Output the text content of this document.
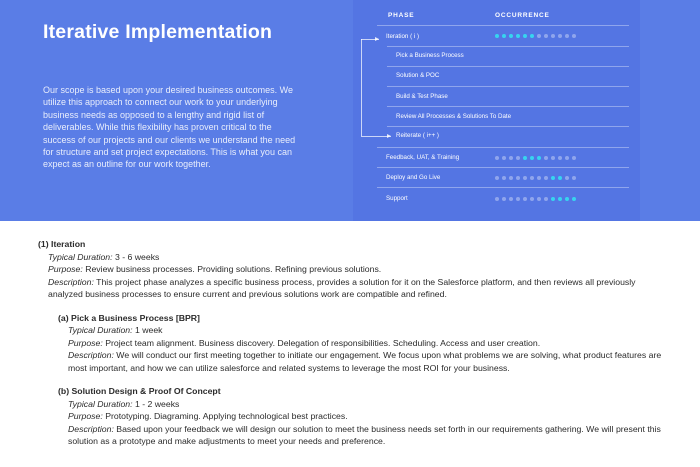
Iterative Implementation
Our scope is based upon your desired business outcomes. We utilize this approach to connect our work to your underlying business needs as opposed to a lengthy and rigid list of deliverables. While this flexibility has proven critical to the success of our projects and our clients we understand the need for structure and set project expectations. This is what you can expect as an outline for our work together.
PHASE	OCCURRENCE
Iteration ( i )
Pick a Business Process
Solution & POC
Build & Test Phase
Review All Processes & Solutions To Date
Reiterate ( i++ )
Feedback, UAT, & Training
Deploy and Go Live
Support
(1) Iteration
Typical Duration: 3 - 6 weeks
Purpose: Review business processes. Providing solutions. Refining previous solutions.
Description: This project phase analyzes a specific business process, provides a solution for it on the Salesforce platform, and then reviews all previously analyzed business processes to ensure current and previous solutions work are compatible and refined.
(a) Pick a Business Process [BPR]
Typical Duration: 1 week
Purpose: Project team alignment. Business discovery. Delegation of responsibilities. Scheduling. Access and user creation.
Description: We will conduct our first meeting together to initiate our engagement. We focus upon what problems we are solving, what product features are most important, and how we can utilize salesforce and related systems to leverage the most ROI for your business.
(b) Solution Design & Proof Of Concept
Typical Duration: 1 - 2 weeks
Purpose: Prototyping. Diagraming. Applying technological best practices.
Description: Based upon your feedback we will design our solution to meet the business needs set forth in our requirements gathering. We will present this solution as a prototype and make adjustments to meet your needs and preference.
